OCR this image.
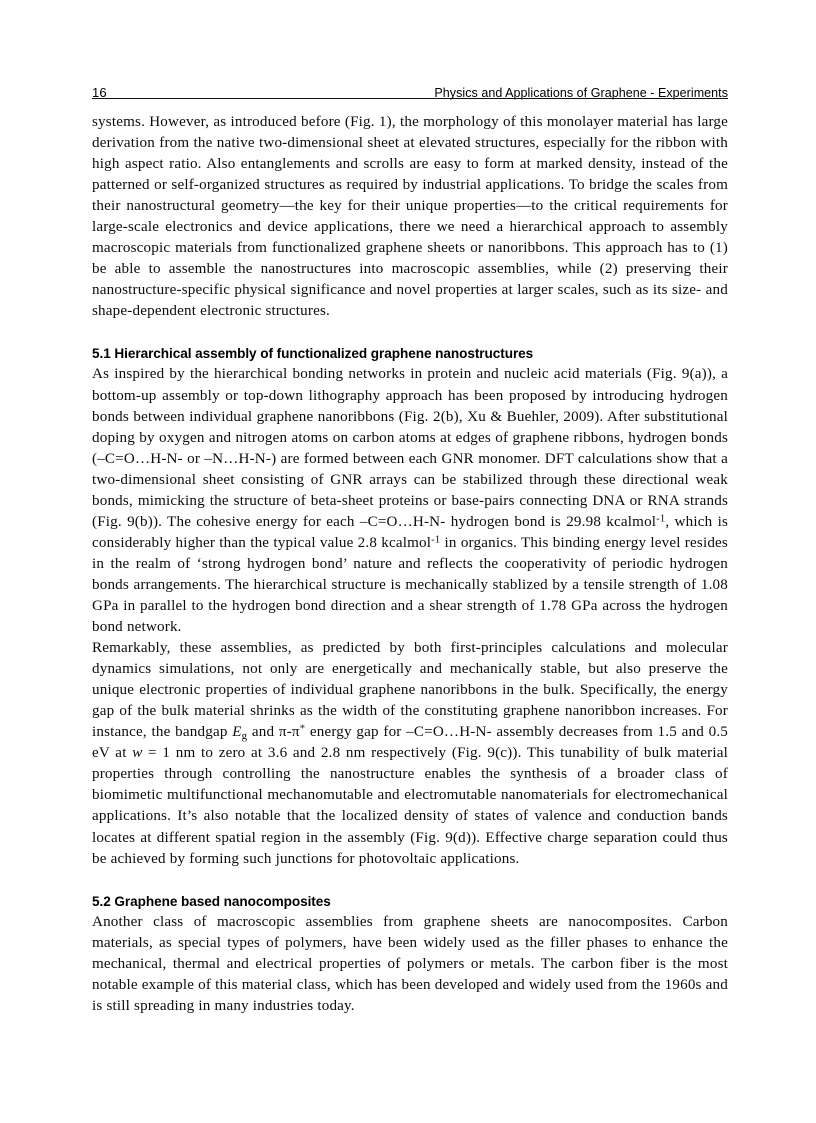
16	Physics and Applications of Graphene - Experiments

systems. However, as introduced before (Fig. 1), the morphology of this monolayer material has large derivation from the native two-dimensional sheet at elevated structures, especially for the ribbon with high aspect ratio. Also entanglements and scrolls are easy to form at marked density, instead of the patterned or self-organized structures as required by industrial applications. To bridge the scales from their nanostructural geometry—the key for their unique properties—to the critical requirements for large-scale electronics and device applications, there we need a hierarchical approach to assembly macroscopic materials from functionalized graphene sheets or nanoribbons. This approach has to (1) be able to assemble the nanostructures into macroscopic assemblies, while (2) preserving their nanostructure-specific physical significance and novel properties at larger scales, such as its size- and shape-dependent electronic structures.

5.1 Hierarchical assembly of functionalized graphene nanostructures

As inspired by the hierarchical bonding networks in protein and nucleic acid materials (Fig. 9(a)), a bottom-up assembly or top-down lithography approach has been proposed by introducing hydrogen bonds between individual graphene nanoribbons (Fig. 2(b), Xu & Buehler, 2009). After substitutional doping by oxygen and nitrogen atoms on carbon atoms at edges of graphene ribbons, hydrogen bonds (–C=O…H-N- or –N…H-N-) are formed between each GNR monomer. DFT calculations show that a two-dimensional sheet consisting of GNR arrays can be stabilized through these directional weak bonds, mimicking the structure of beta-sheet proteins or base-pairs connecting DNA or RNA strands (Fig. 9(b)). The cohesive energy for each –C=O…H-N- hydrogen bond is 29.98 kcalmol$^{-1}$, which is considerably higher than the typical value 2.8 kcalmol$^{-1}$ in organics. This binding energy level resides in the realm of ‘strong hydrogen bond’ nature and reflects the cooperativity of periodic hydrogen bonds arrangements. The hierarchical structure is mechanically stablized by a tensile strength of 1.08 GPa in parallel to the hydrogen bond direction and a shear strength of 1.78 GPa across the hydrogen bond network.

Remarkably, these assemblies, as predicted by both first-principles calculations and molecular dynamics simulations, not only are energetically and mechanically stable, but also preserve the unique electronic properties of individual graphene nanoribbons in the bulk. Specifically, the energy gap of the bulk material shrinks as the width of the constituting graphene nanoribbon increases. For instance, the bandgap $E_g$ and π-π* energy gap for –C=O…H-N- assembly decreases from 1.5 and 0.5 eV at w = 1 nm to zero at 3.6 and 2.8 nm respectively (Fig. 9(c)). This tunability of bulk material properties through controlling the nanostructure enables the synthesis of a broader class of biomimetic multifunctional mechanomutable and electromutable nanomaterials for electromechanical applications. It’s also notable that the localized density of states of valence and conduction bands locates at different spatial region in the assembly (Fig. 9(d)). Effective charge separation could thus be achieved by forming such junctions for photovoltaic applications.

5.2 Graphene based nanocomposites

Another class of macroscopic assemblies from graphene sheets are nanocomposites. Carbon materials, as special types of polymers, have been widely used as the filler phases to enhance the mechanical, thermal and electrical properties of polymers or metals. The carbon fiber is the most notable example of this material class, which has been developed and widely used from the 1960s and is still spreading in many industries today.
